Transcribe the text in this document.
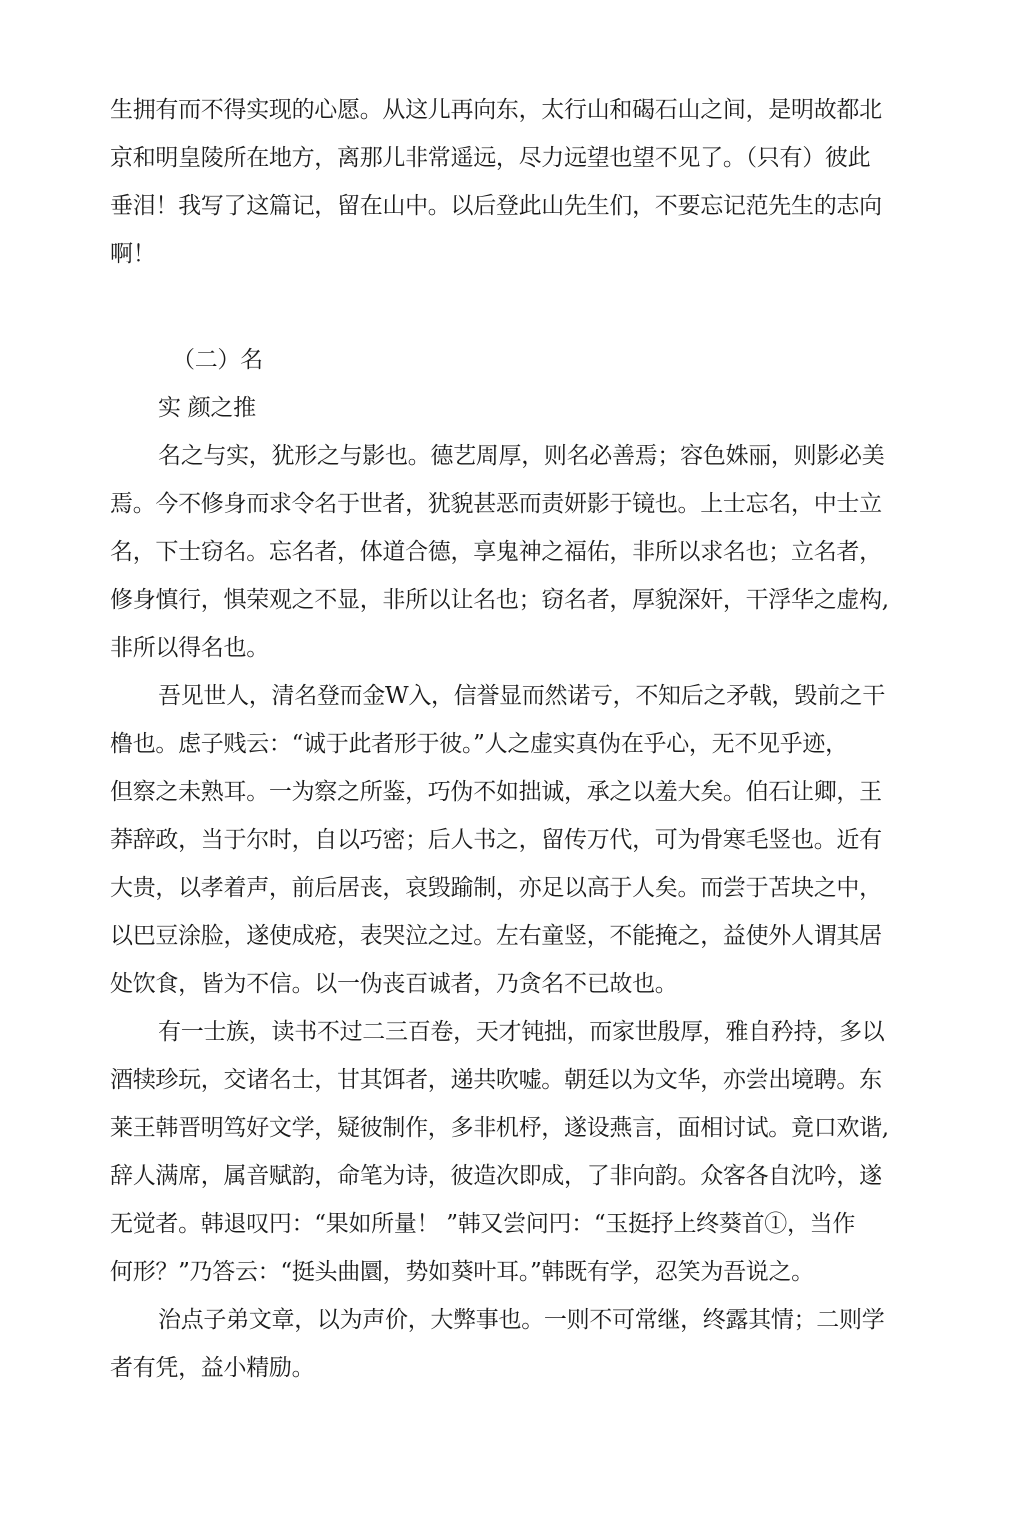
生拥有而不得实现的心愿。从这儿再向东，太行山和碣石山之间，是明故都北
京和明皇陵所在地方，离那儿非常遥远，尽力远望也望不见了。（只有）彼此
垂泪！我写了这篇记，留在山中。以后登此山先生们，不要忘记范先生的志向
啊！
（二）名
实 颜之推
名之与实，犹形之与影也。德艺周厚，则名必善焉；容色姝丽，则影必美
焉。今不修身而求令名于世者，犹貌甚恶而责妍影于镜也。上士忘名，中士立
名，下士窃名。忘名者，体道合德，享鬼神之福佑，非所以求名也；立名者，
修身慎行，惧荣观之不显，非所以让名也；窃名者，厚貌深奸，干浮华之虚构,
非所以得名也。
吾见世人，清名登而金W入，信誉显而然诺亏，不知后之矛戟，毁前之干
橹也。虑子贱云：“诚于此者形于彼。”人之虚实真伪在乎心，无不见乎迹，
但察之未熟耳。一为察之所鉴，巧伪不如拙诚，承之以羞大矣。伯石让卿，王
莽辞政，当于尔时，自以巧密；后人书之，留传万代，可为骨寒毛竖也。近有
大贵，以孝着声，前后居丧，哀毁踰制，亦足以高于人矣。而尝于苫块之中，
以巴豆涂脸，遂使成疮，表哭泣之过。左右童竖，不能掩之，益使外人谓其居
处饮食，皆为不信。以一伪丧百诚者，乃贪名不已故也。
有一士族，读书不过二三百卷，天才钝拙，而家世殷厚，雅自矜持，多以
酒犊珍玩，交诸名士，甘其饵者，递共吹嘘。朝廷以为文华，亦尝出境聘。东
莱王韩晋明笃好文学，疑彼制作，多非机杼，遂设燕言，面相讨试。竟口欢谐,
辞人满席，属音赋韵，命笔为诗，彼造次即成，了非向韵。众客各自沈吟，遂
无觉者。韩退叹円：“果如所量！ ”韩又尝问円：“玉挺抒上终葵首①，当作
何形？”乃答云：“挺头曲圜，势如葵叶耳。”韩既有学，忍笑为吾说之。
治点子弟文章，以为声价，大弊事也。一则不可常继，终露其情；二则学
者有凭，益小精励。
